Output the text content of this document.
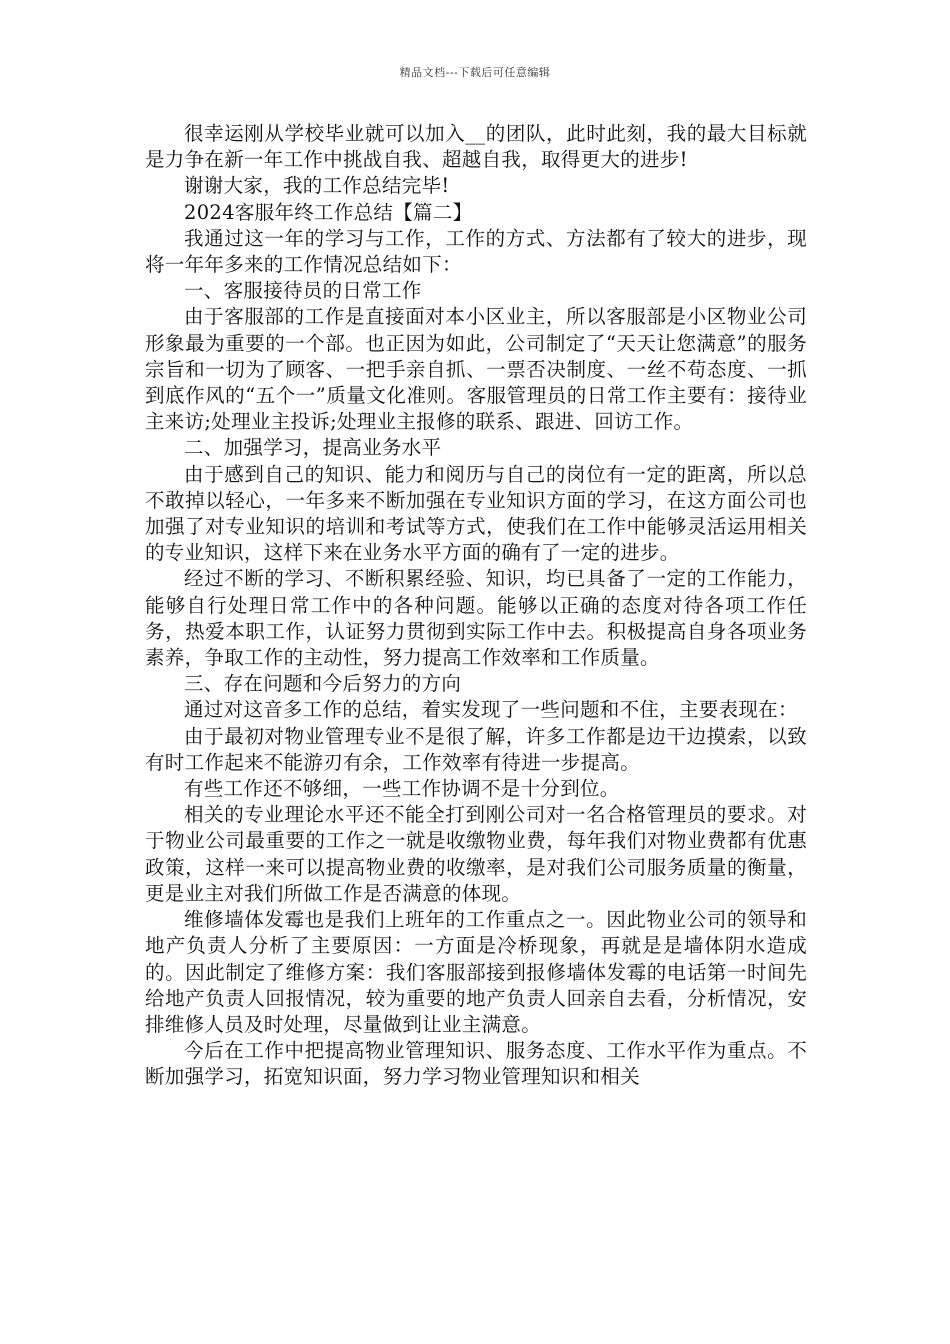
精品文档---下载后可任意编辑

很幸运刚从学校毕业就可以加入__的团队，此时此刻，我的最大目标就是力争在新一年工作中挑战自我、超越自我，取得更大的进步!

谢谢大家，我的工作总结完毕!

2024客服年终工作总结【篇二】

我通过这一年的学习与工作，工作的方式、方法都有了较大的进步，现将一年年多来的工作情况总结如下：

一、客服接待员的日常工作

由于客服部的工作是直接面对本小区业主，所以客服部是小区物业公司形象最为重要的一个部。也正因为如此，公司制定了“天天让您满意”的服务宗旨和一切为了顾客、一把手亲自抓、一票否决制度、一丝不苟态度、一抓到底作风的“五个一”质量文化准则。客服管理员的日常工作主要有：接待业主来访;处理业主投诉;处理业主报修的联系、跟进、回访工作。

二、加强学习，提高业务水平

由于感到自己的知识、能力和阅历与自己的岗位有一定的距离，所以总不敢掉以轻心，一年多来不断加强在专业知识方面的学习，在这方面公司也加强了对专业知识的培训和考试等方式，使我们在工作中能够灵活运用相关的专业知识，这样下来在业务水平方面的确有了一定的进步。

经过不断的学习、不断积累经验、知识，均已具备了一定的工作能力，能够自行处理日常工作中的各种问题。能够以正确的态度对待各项工作任务，热爱本职工作，认证努力贯彻到实际工作中去。积极提高自身各项业务素养，争取工作的主动性，努力提高工作效率和工作质量。

三、存在问题和今后努力的方向

通过对这音多工作的总结，着实发现了一些问题和不住，主要表现在：

由于最初对物业管理专业不是很了解，许多工作都是边干边摸索，以致有时工作起来不能游刃有余，工作效率有待进一步提高。

有些工作还不够细，一些工作协调不是十分到位。

相关的专业理论水平还不能全打到刚公司对一名合格管理员的要求。对于物业公司最重要的工作之一就是收缴物业费，每年我们对物业费都有优惠政策，这样一来可以提高物业费的收缴率，是对我们公司服务质量的衡量，更是业主对我们所做工作是否满意的体现。

维修墙体发霉也是我们上班年的工作重点之一。因此物业公司的领导和地产负责人分析了主要原因：一方面是冷桥现象，再就是是墙体阴水造成的。因此制定了维修方案：我们客服部接到报修墙体发霉的电话第一时间先给地产负责人回报情况，较为重要的地产负责人回亲自去看，分析情况，安排维修人员及时处理，尽量做到让业主满意。

今后在工作中把提高物业管理知识、服务态度、工作水平作为重点。不断加强学习，拓宽知识面，努力学习物业管理知识和相关
